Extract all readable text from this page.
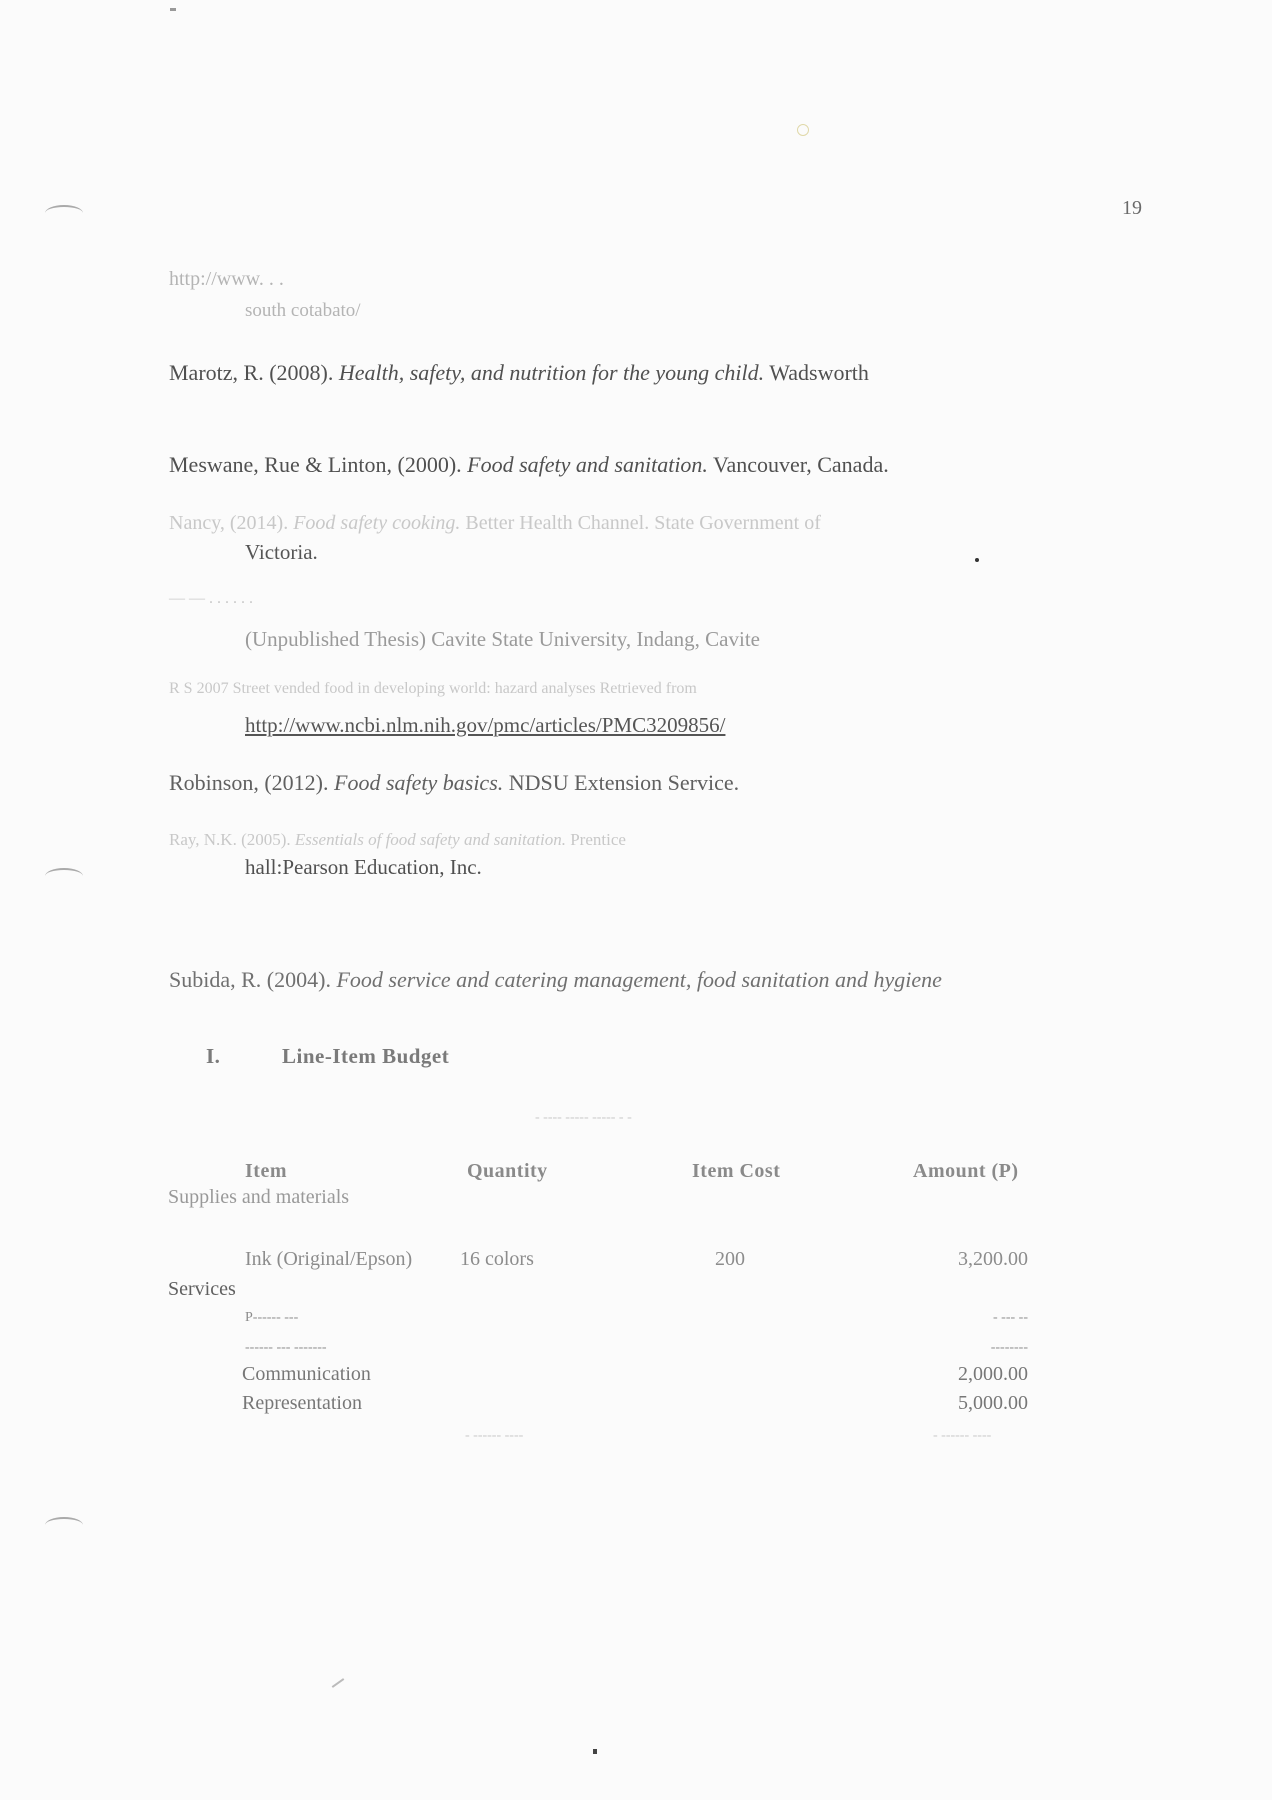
19
http://www. . .
south cotabato/
Marotz, R. (2008). Health, safety, and nutrition for the young child. Wadsworth
Meswane, Rue & Linton, (2000). Food safety and sanitation. Vancouver, Canada.
Nancy, (2014). Food safety cooking. Better Health Channel. State Government of
Victoria.
— — . . . . . .
(Unpublished Thesis) Cavite State University, Indang, Cavite
R S 2007 Street vended food in developing world: hazard analyses Retrieved from
http://www.ncbi.nlm.nih.gov/pmc/articles/PMC3209856/
Robinson, (2012). Food safety basics. NDSU Extension Service.
Ray, N.K. (2005). Essentials of food safety and sanitation. Prentice
hall:Pearson Education, Inc.
Subida, R. (2004). Food service and catering management, food sanitation and hygiene
I.	Line-Item Budget
- ---- ----- ----- - -
Item	Quantity	Item Cost	Amount (P)
Supplies and materials
Ink (Original/Epson) 16 colors	200	3,200.00
Services
P------ ---	- --- --
------ --- -------	--------
Communication	2,000.00
Representation	5,000.00
- ------ ----	- ------ ----
